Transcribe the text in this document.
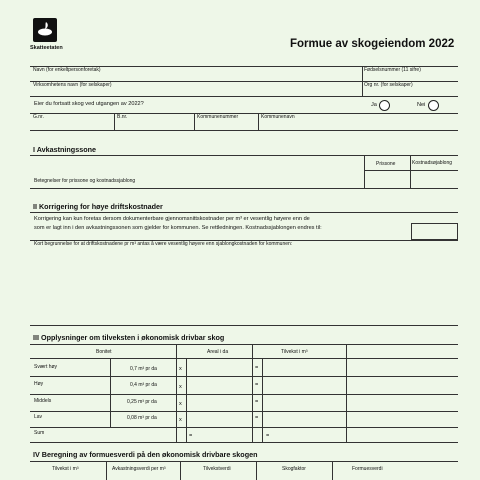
Skatteetaten	Formue av skogeiendom 2022
Navn (for enkeltpersonforetak)	Fødselsnummer (11 sifre)
Virksomhetens navn (for selskaper)	Org nr. (for selskaper)
Eier du fortsatt skog ved utgangen av 2022?	Ja	Nei
G.nr.	B.nr.	Kommunenummer	Kommunenavn
I Avkastningssone
Prissone	Kostnadsøjablong
Betegnelser for prissone og kostnadssjablong
II Korrigering for høye driftskostnader
Korrigering kan kun foretas dersom dokumenterbare gjennomsnittskostnader per m³ er vesentlig høyere enn de
som er lagt inn i den avkastningssonen som gjelder for kommunen. Se rettledningen. Kostnadssjablongen endres til:
Kort begrunnelse for at driftskostnadene pr m³ antas å være vesentlig høyere enn sjablongkostnaden for kommunen:
III Opplysninger om tilveksten i økonomisk drivbar skog
Bonitet	Areal i da	Tilvekst i m³
Svært høy	0,7 m³ pr da	x	=
Høy	0,4 m³ pr da	x	=
Middels	0,25 m³ pr da	x	=
Lav	0,08 m³ pr da	x	=
Sum	=	=
IV Beregning av formuesverdi på den økonomisk drivbare skogen
Tilvekst i m³	Avkastningsverdi per m³	Tilvekstverdi	Skogfaktor	Formuesverdi
